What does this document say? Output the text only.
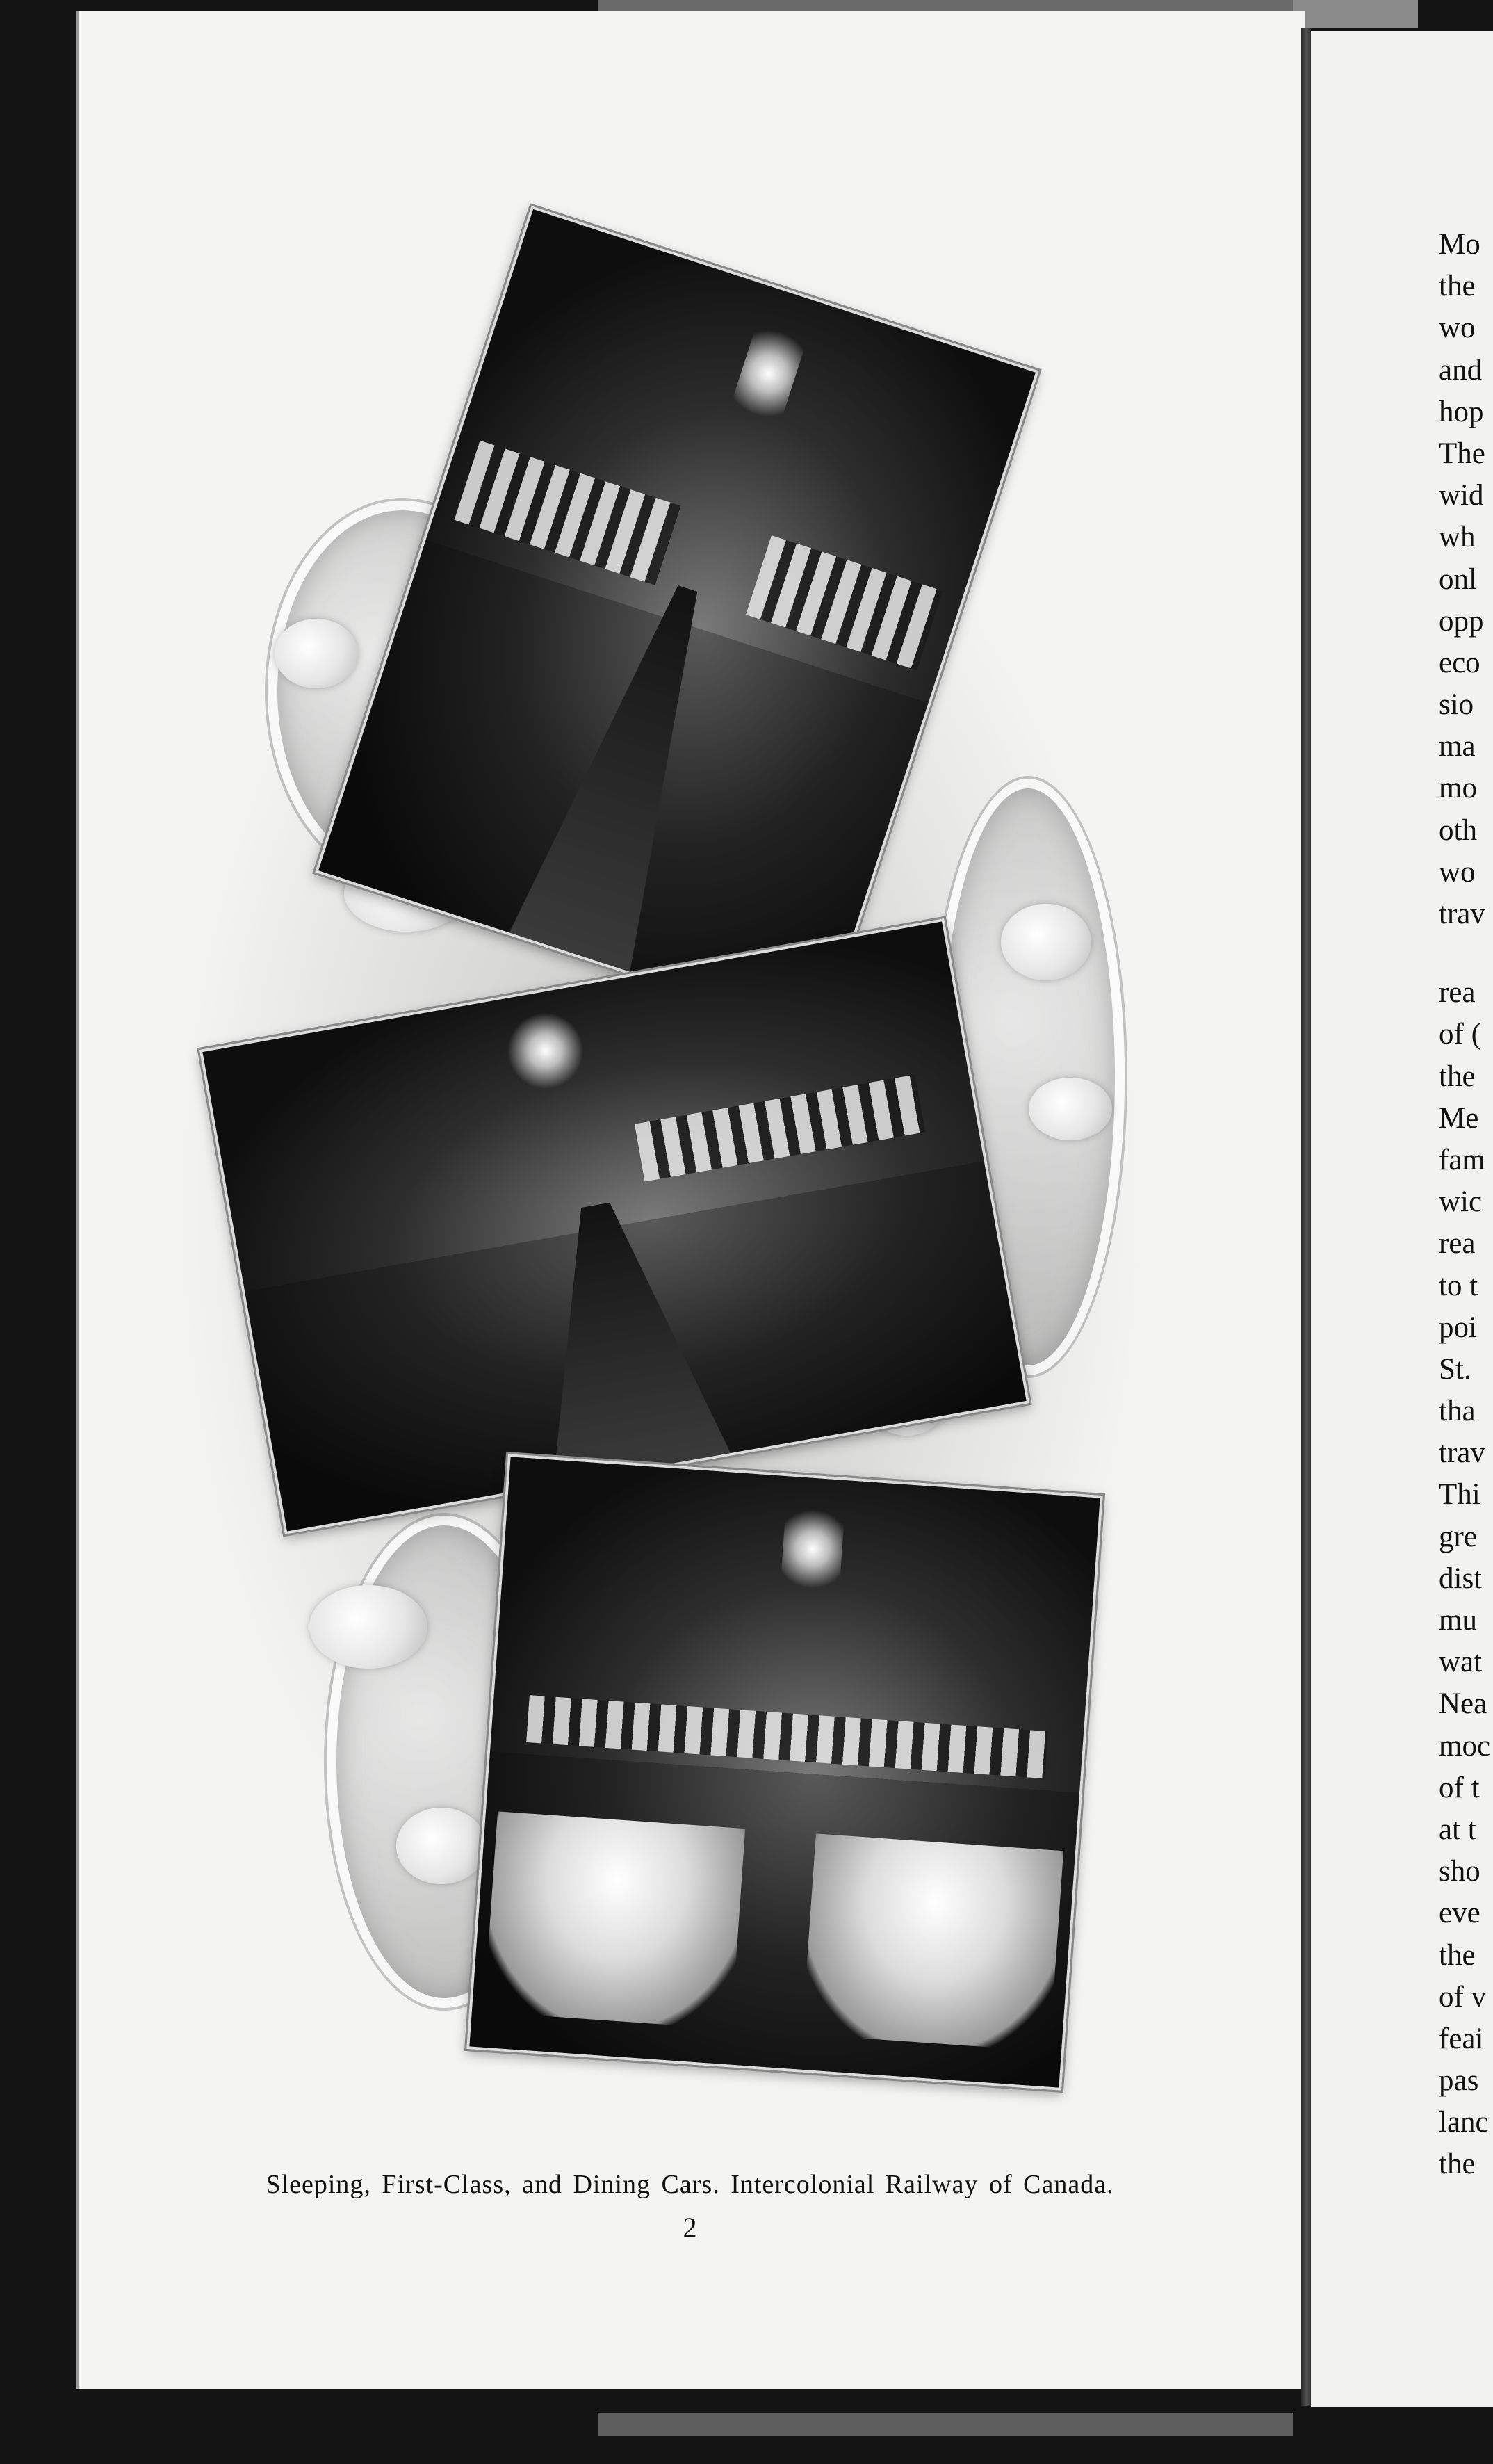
Sleeping, First-Class, and Dining Cars. Intercolonial Railway of Canada.
2
Mo
the
wo
and
hop
The
wid
wh
onl
opp
eco
sio
ma
mo
oth
wo
trav
rea
of (
the
Me
fam
wic
rea
to t
poi
St.
tha
trav
Thi
gre
dist
mu
wat
Nea
moc
of t
at t
sho
eve
the
of v
feai
pas
lanc
the
